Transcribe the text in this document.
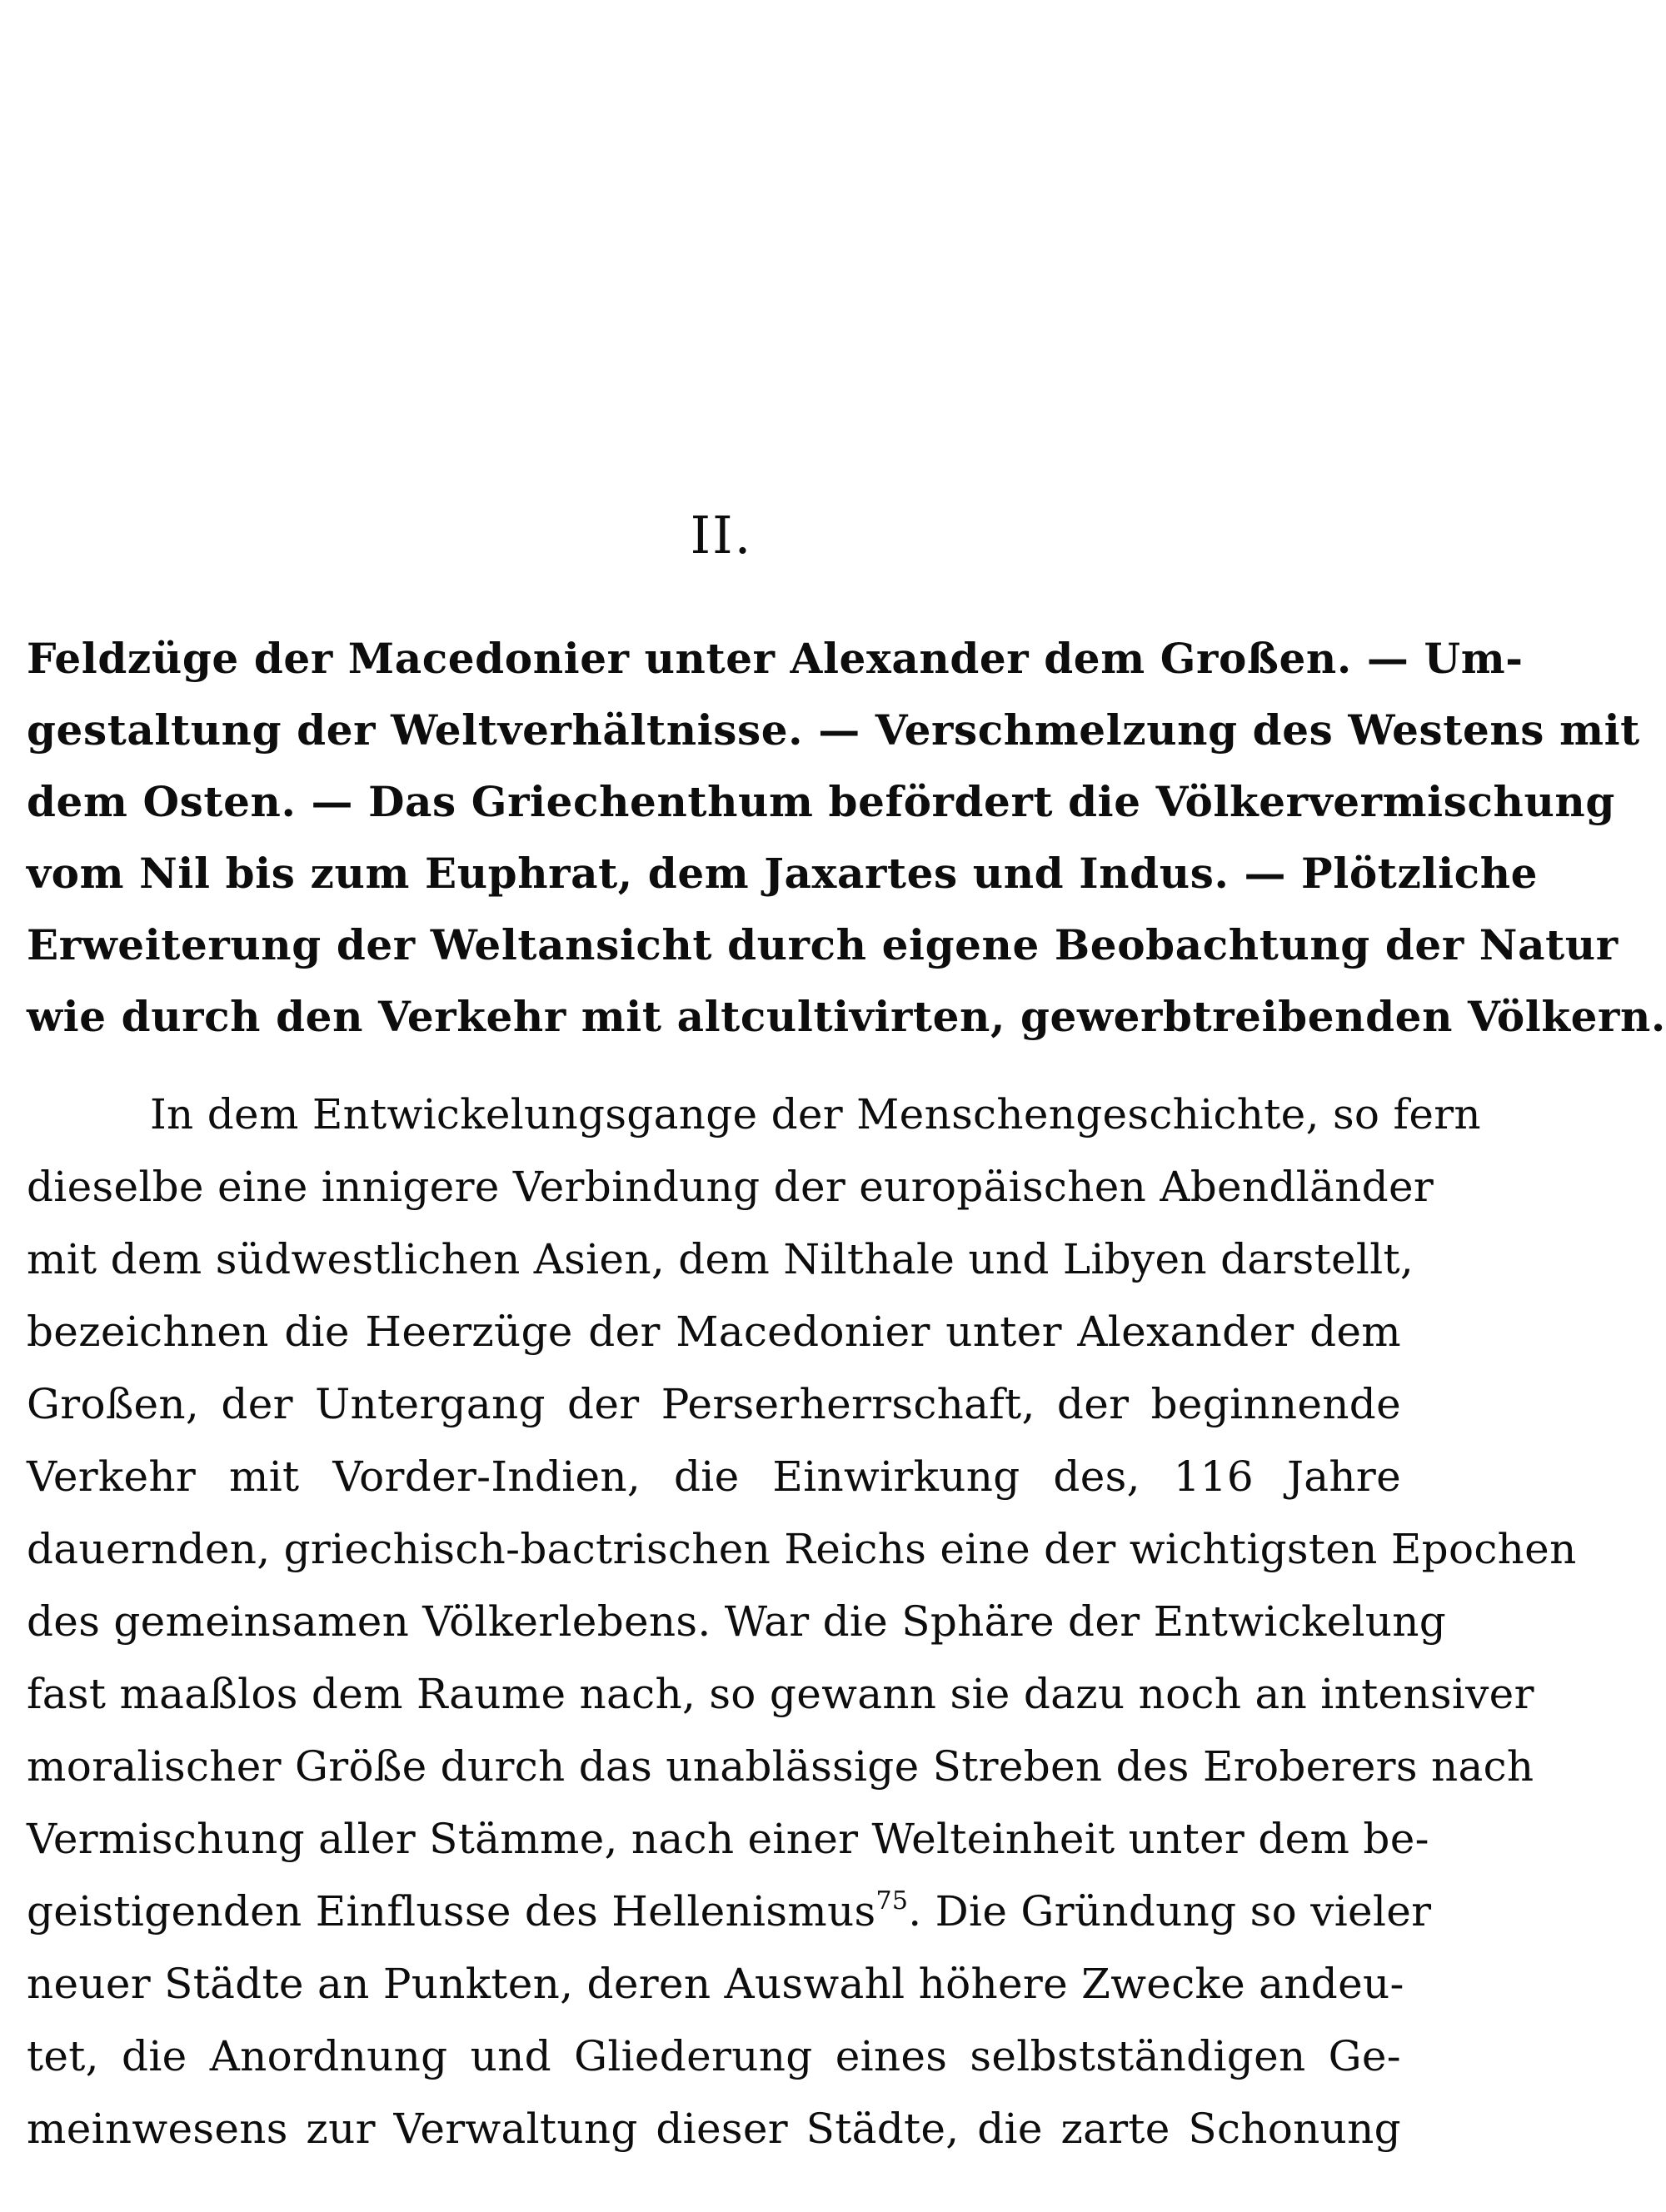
II.
Feldzüge der Macedonier unter Alexander dem Großen. — Um-
gestaltung der Weltverhältnisse. — Verschmelzung des Westens mit
dem Osten. — Das Griechenthum befördert die Völkervermischung
vom Nil bis zum Euphrat, dem Jaxartes und Indus. — Plötzliche
Erweiterung der Weltansicht durch eigene Beobachtung der Natur
wie durch den Verkehr mit altcultivirten, gewerbtreibenden Völkern.
In dem Entwickelungsgange der Menschengeschichte, so fern
dieselbe eine innigere Verbindung der europäischen Abendländer
mit dem südwestlichen Asien, dem Nilthale und Libyen darstellt,
bezeichnen die Heerzüge der Macedonier unter Alexander dem
Großen, der Untergang der Perserherrschaft, der beginnende
Verkehr mit Vorder-Indien, die Einwirkung des, 116 Jahre
dauernden, griechisch-bactrischen Reichs eine der wichtigsten Epochen
des gemeinsamen Völkerlebens. War die Sphäre der Entwickelung
fast maaßlos dem Raume nach, so gewann sie dazu noch an intensiver
moralischer Größe durch das unablässige Streben des Eroberers nach
Vermischung aller Stämme, nach einer Welteinheit unter dem be-
geistigenden Einflusse des Hellenismus$^{75}$. Die Gründung so vieler
neuer Städte an Punkten, deren Auswahl höhere Zwecke andeu-
tet, die Anordnung und Gliederung eines selbstständigen Ge-
meinwesens zur Verwaltung dieser Städte, die zarte Schonung
